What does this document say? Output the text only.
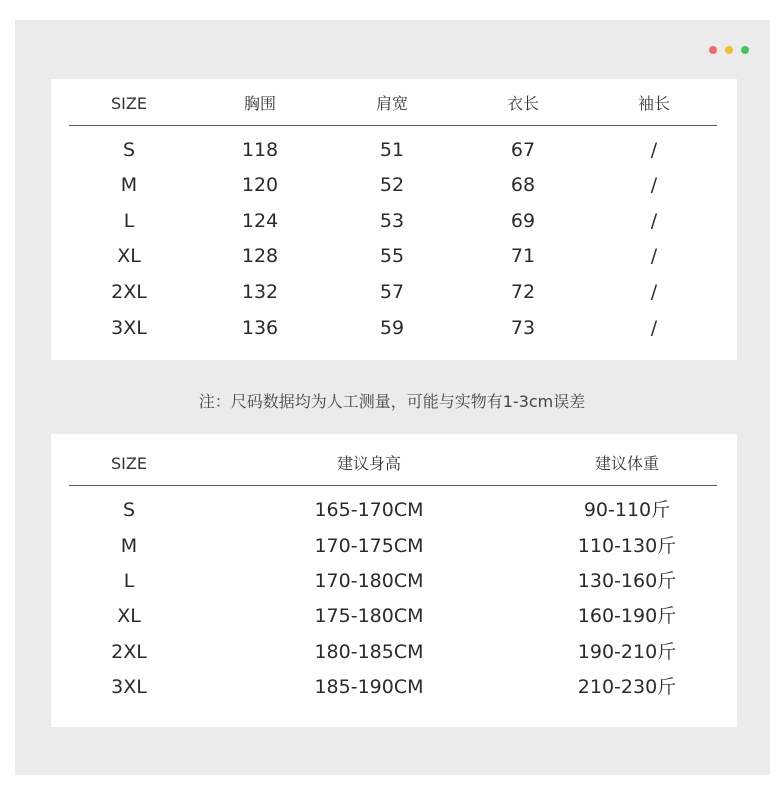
SIZE	胸围	肩宽	衣长	袖长
S	118	51	67	/
M	120	52	68	/
L	124	53	69	/
XL	128	55	71	/
2XL	132	57	72	/
3XL	136	59	73	/
注：尺码数据均为人工测量，可能与实物有1-3cm误差
SIZE	建议身高	建议体重
S	165-170CM	90-110斤
M	170-175CM	110-130斤
L	170-180CM	130-160斤
XL	175-180CM	160-190斤
2XL	180-185CM	190-210斤
3XL	185-190CM	210-230斤
